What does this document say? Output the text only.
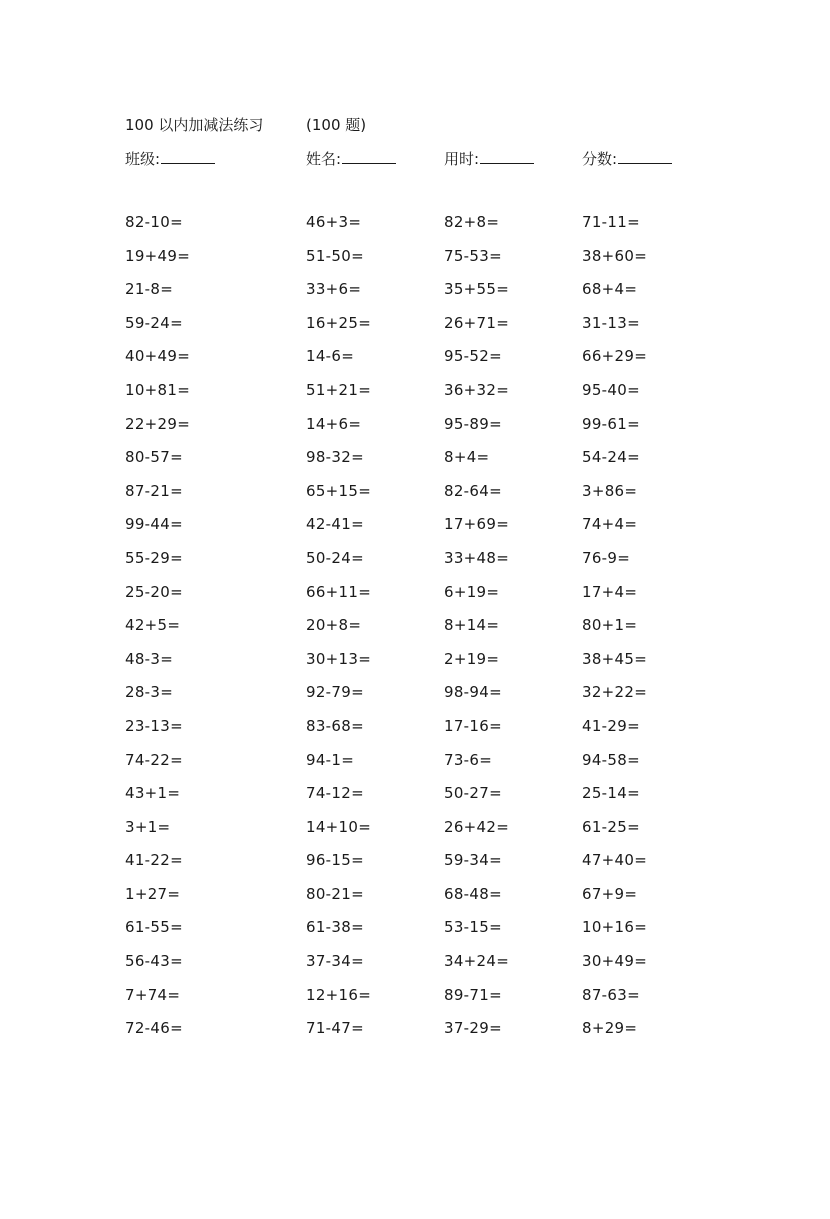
100 以内加减法练习	(100 题)
班级:	姓名:	用时:	分数:
82-10=	46+3=	82+8=	71-11=
19+49=	51-50=	75-53=	38+60=
21-8=	33+6=	35+55=	68+4=
59-24=	16+25=	26+71=	31-13=
40+49=	14-6=	95-52=	66+29=
10+81=	51+21=	36+32=	95-40=
22+29=	14+6=	95-89=	99-61=
80-57=	98-32=	8+4=	54-24=
87-21=	65+15=	82-64=	3+86=
99-44=	42-41=	17+69=	74+4=
55-29=	50-24=	33+48=	76-9=
25-20=	66+11=	6+19=	17+4=
42+5=	20+8=	8+14=	80+1=
48-3=	30+13=	2+19=	38+45=
28-3=	92-79=	98-94=	32+22=
23-13=	83-68=	17-16=	41-29=
74-22=	94-1=	73-6=	94-58=
43+1=	74-12=	50-27=	25-14=
3+1=	14+10=	26+42=	61-25=
41-22=	96-15=	59-34=	47+40=
1+27=	80-21=	68-48=	67+9=
61-55=	61-38=	53-15=	10+16=
56-43=	37-34=	34+24=	30+49=
7+74=	12+16=	89-71=	87-63=
72-46=	71-47=	37-29=	8+29=
